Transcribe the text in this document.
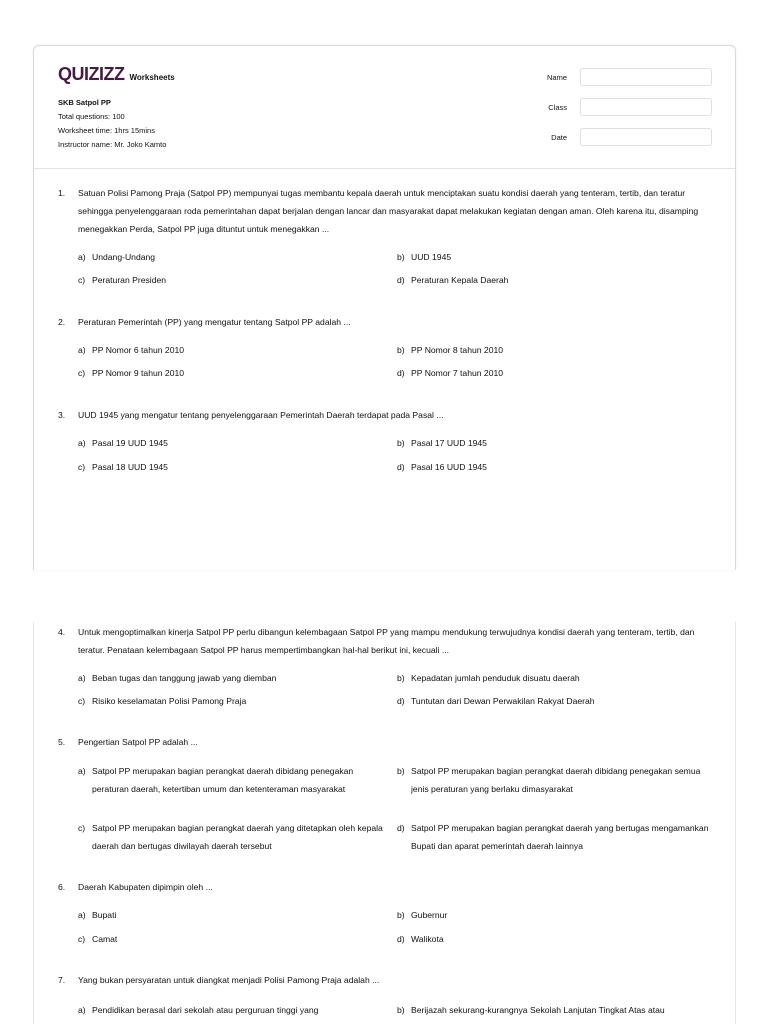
QUIZIZZ Worksheets
SKB Satpol PP
Total questions: 100
Worksheet time: 1hrs 15mins
Instructor name: Mr. Joko Kamto
Name
Class
Date
1. Satuan Polisi Pamong Praja (Satpol PP) mempunyai tugas membantu kepala daerah untuk menciptakan suatu kondisi daerah yang tenteram, tertib, dan teratur sehingga penyelenggaraan roda pemerintahan dapat berjalan dengan lancar dan masyarakat dapat melakukan kegiatan dengan aman. Oleh karena itu, disamping menegakkan Perda, Satpol PP juga dituntut untuk menegakkan ...
a) Undang-Undang	b) UUD 1945
c) Peraturan Presiden	d) Peraturan Kepala Daerah
2. Peraturan Pemerintah (PP) yang mengatur tentang Satpol PP adalah ...
a) PP Nomor 6 tahun 2010	b) PP Nomor 8 tahun 2010
c) PP Nomor 9 tahun 2010	d) PP Nomor 7 tahun 2010
3. UUD 1945 yang mengatur tentang penyelenggaraan Pemerintah Daerah terdapat pada Pasal ...
a) Pasal 19 UUD 1945	b) Pasal 17 UUD 1945
c) Pasal 18 UUD 1945	d) Pasal 16 UUD 1945
4. Untuk mengoptimalkan kinerja Satpol PP perlu dibangun kelembagaan Satpol PP yang mampu mendukung terwujudnya kondisi daerah yang tenteram, tertib, dan teratur. Penataan kelembagaan Satpol PP harus mempertimbangkan hal-hal berikut ini, kecuali ...
a) Beban tugas dan tanggung jawab yang diemban	b) Kepadatan jumlah penduduk disuatu daerah
c) Risiko keselamatan Polisi Pamong Praja	d) Tuntutan dari Dewan Perwakilan Rakyat Daerah
5. Pengertian Satpol PP adalah ...
a) Satpol PP merupakan bagian perangkat daerah dibidang penegakan peraturan daerah, ketertiban umum dan ketenteraman masyarakat
b) Satpol PP merupakan bagian perangkat daerah dibidang penegakan semua jenis peraturan yang berlaku dimasyarakat
c) Satpol PP merupakan bagian perangkat daerah yang ditetapkan oleh kepala daerah dan bertugas diwilayah daerah tersebut
d) Satpol PP merupakan bagian perangkat daerah yang bertugas mengamankan Bupati dan aparat pemerintah daerah lainnya
6. Daerah Kabupaten dipimpin oleh ...
a) Bupati	b) Gubernur
c) Camat	d) Walikota
7. Yang bukan persyaratan untuk diangkat menjadi Polisi Pamong Praja adalah ...
a) Pendidikan berasal dari sekolah atau perguruan tinggi yang	b) Berijazah sekurang-kurangnya Sekolah Lanjutan Tingkat Atas atau
